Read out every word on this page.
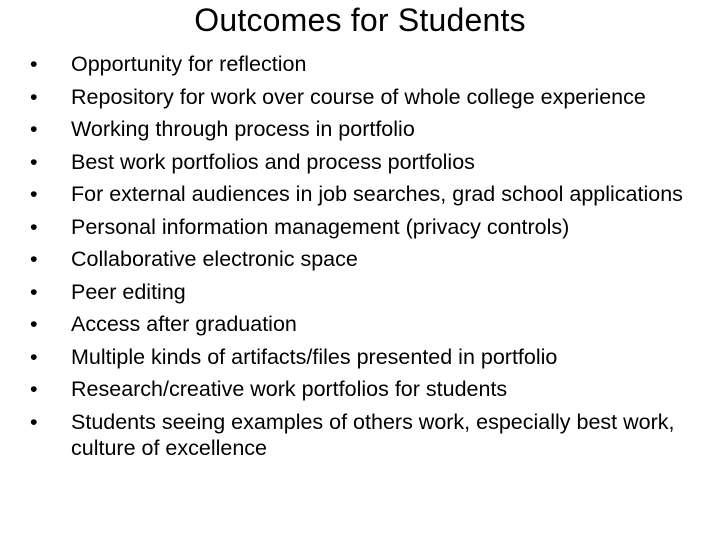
Outcomes for Students
•	Opportunity for reflection
•	Repository for work over course of whole college experience
•	Working through process in portfolio
•	Best work portfolios and process portfolios
•	For external audiences in job searches, grad school applications
•	Personal information management (privacy controls)
•	Collaborative electronic space
•	Peer editing
•	Access after graduation
•	Multiple kinds of artifacts/files presented in portfolio
•	Research/creative work portfolios for students
•	Students seeing examples of others work, especially best work, culture of excellence
